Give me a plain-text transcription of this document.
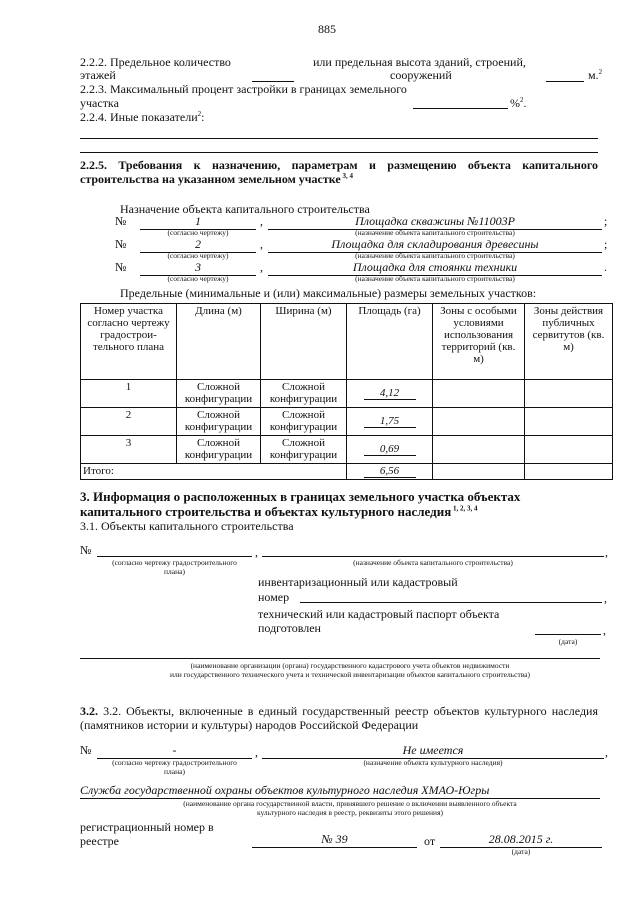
885
2.2.2. Предельное количество
этажей
или предельная высота зданий, строений,
сооружений	м.$^2$
2.2.3. Максимальный процент застройки в границах земельного
участка	%$^2$.
2.2.4. Иные показатели$^2$:
2.2.5. Требования к назначению, параметрам и размещению объекта капитального
строительства на указанном земельном участке $^{3, 4}$
Назначение объекта капитального строительства
№	1	,	Площадка скважины №11003Р	;
(согласно чертежу)	(назначение объекта капитального строительства)
№	2	,	Площадка для складирования древесины	;
(согласно чертежу)	(назначение объекта капитального строительства)
№	3	,	Площадка для стоянки техники	.
(согласно чертежу)	(назначение объекта капитального строительства)
Предельные (минимальные и (или) максимальные) размеры земельных участков:
Номер участка согласно чертежу градострои-тельного плана	Длина (м)	Ширина (м)	Площадь (га)	Зоны с особыми условиями использования территорий (кв. м)	Зоны действия публичных сервитутов (кв. м)
1	Сложной конфигурации	Сложной конфигурации	4,12		
2	Сложной конфигурации	Сложной конфигурации	1,75		
3	Сложной конфигурации	Сложной конфигурации	0,69		
Итого:			6,56		
3. Информация о расположенных в границах земельного участка объектах
капитального строительства и объектах культурного наследия $^{1, 2, 3, 4}$
3.1. Объекты капитального строительства
№	,	,
(согласно чертежу градостроительного
плана)
(назначение объекта капитального строительства)
инвентаризационный или кадастровый
номер	,
технический или кадастровый паспорт объекта
подготовлен	,
(дата)
(наименование организации (органа) государственного кадастрового учета объектов недвижимости
или государственного технического учета и технической инвентаризации объектов капитального строительства)
3.2. 3.2. Объекты, включенные в единый государственный реестр объектов культурного наследия
(памятников истории и культуры) народов Российской Федерации
№	-	,	Не имеется	,
(согласно чертежу градостроительного
плана)
(назначение объекта культурного наследия)
Служба государственной охраны объектов культурного наследия ХМАО-Югры
(наименование органа государственной власти, принявшего решение о включении выявленного объекта
культурного наследия в реестр, реквизиты этого решения)
регистрационный номер в
реестре	№ 39	от	28.08.2015 г.
(дата)
